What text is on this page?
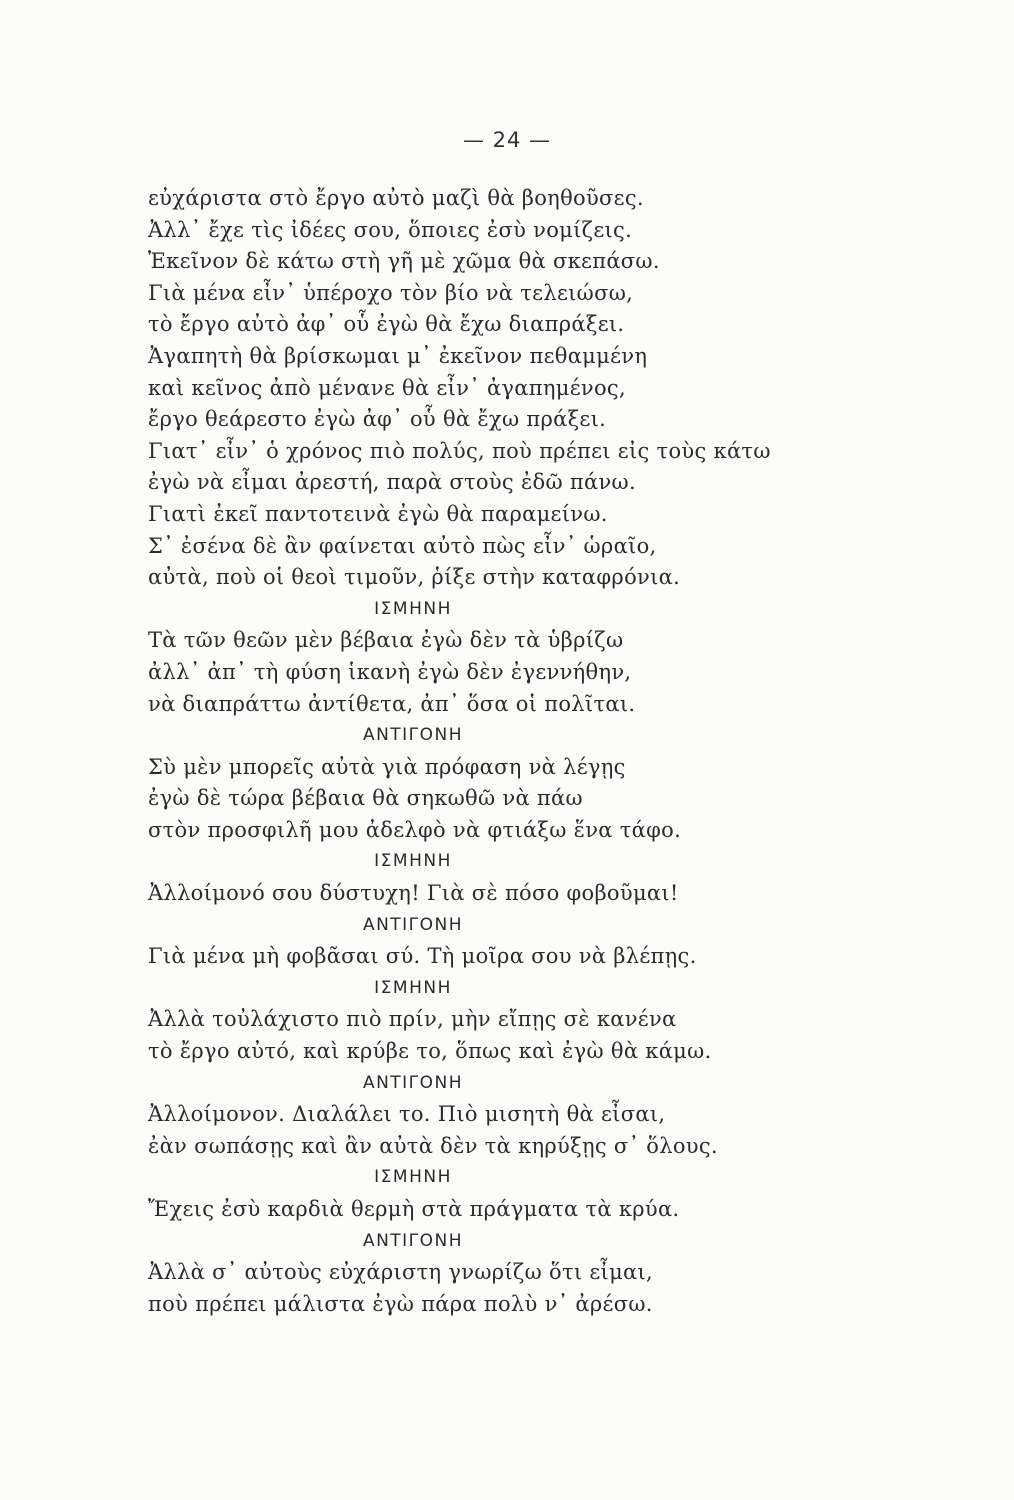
— 24 —
εὐχάριστα στὸ ἔργο αὐτὸ μαζὶ θὰ βοηθοῦσες.
Ἀλλ᾽ ἔχε τὶς ἰδέες σου, ὅποιες ἐσὺ νομίζεις.
Ἐκεῖνον δὲ κάτω στὴ γῆ μὲ χῶμα θὰ σκεπάσω.
Γιὰ μένα εἶν᾽ ὑπέροχο τὸν βίο νὰ τελειώσω,
τὸ ἔργο αὐτὸ ἀφ᾽ οὗ ἐγὼ θὰ ἔχω διαπράξει.
Ἀγαπητὴ θὰ βρίσκωμαι μ᾽ ἐκεῖνον πεθαμμένη
καὶ κεῖνος ἀπὸ μένανε θὰ εἶν᾽ ἀγαπημένος,
ἔργο θεάρεστο ἐγὼ ἀφ᾽ οὗ θὰ ἔχω πράξει.
Γιατ᾽ εἶν᾽ ὁ χρόνος πιὸ πολύς, ποὺ πρέπει εἰς τοὺς κάτω
ἐγὼ νὰ εἶμαι ἀρεστή, παρὰ στοὺς ἐδῶ πάνω.
Γιατὶ ἐκεῖ παντοτεινὰ ἐγὼ θὰ παραμείνω.
Σ᾽ ἐσένα δὲ ἂν φαίνεται αὐτὸ πὼς εἶν᾽ ὡραῖο,
αὐτὰ, ποὺ οἱ θεοὶ τιμοῦν, ῥίξε στὴν καταφρόνια.
ΙΣΜΗΝΗ
Τὰ τῶν θεῶν μὲν βέβαια ἐγὼ δὲν τὰ ὑβρίζω
ἀλλ᾽ ἀπ᾽ τὴ φύση ἱκανὴ ἐγὼ δὲν ἐγεννήθην,
νὰ διαπράττω ἀντίθετα, ἀπ᾽ ὅσα οἱ πολῖται.
ΑΝΤΙΓΟΝΗ
Σὺ μὲν μπορεῖς αὐτὰ γιὰ πρόφαση νὰ λέγῃς
ἐγὼ δὲ τώρα βέβαια θὰ σηκωθῶ νὰ πάω
στὸν προσφιλῆ μου ἀδελφὸ νὰ φτιάξω ἕνα τάφο.
ΙΣΜΗΝΗ
Ἀλλοίμονό σου δύστυχη! Γιὰ σὲ πόσο φοβοῦμαι!
ΑΝΤΙΓΟΝΗ
Γιὰ μένα μὴ φοβᾶσαι σύ. Τὴ μοῖρα σου νὰ βλέπῃς.
ΙΣΜΗΝΗ
Ἀλλὰ τοὐλάχιστο πιὸ πρίν, μὴν εἴπῃς σὲ κανένα
τὸ ἔργο αὐτό, καὶ κρύβε το, ὅπως καὶ ἐγὼ θὰ κάμω.
ΑΝΤΙΓΟΝΗ
Ἀλλοίμονον. Διαλάλει το. Πιὸ μισητὴ θὰ εἶσαι,
ἐὰν σωπάσῃς καὶ ἂν αὐτὰ δὲν τὰ κηρύξῃς σ᾽ ὅλους.
ΙΣΜΗΝΗ
Ἔχεις ἐσὺ καρδιὰ θερμὴ στὰ πράγματα τὰ κρύα.
ΑΝΤΙΓΟΝΗ
Ἀλλὰ σ᾽ αὐτοὺς εὐχάριστη γνωρίζω ὅτι εἶμαι,
ποὺ πρέπει μάλιστα ἐγὼ πάρα πολὺ ν᾽ ἀρέσω.
